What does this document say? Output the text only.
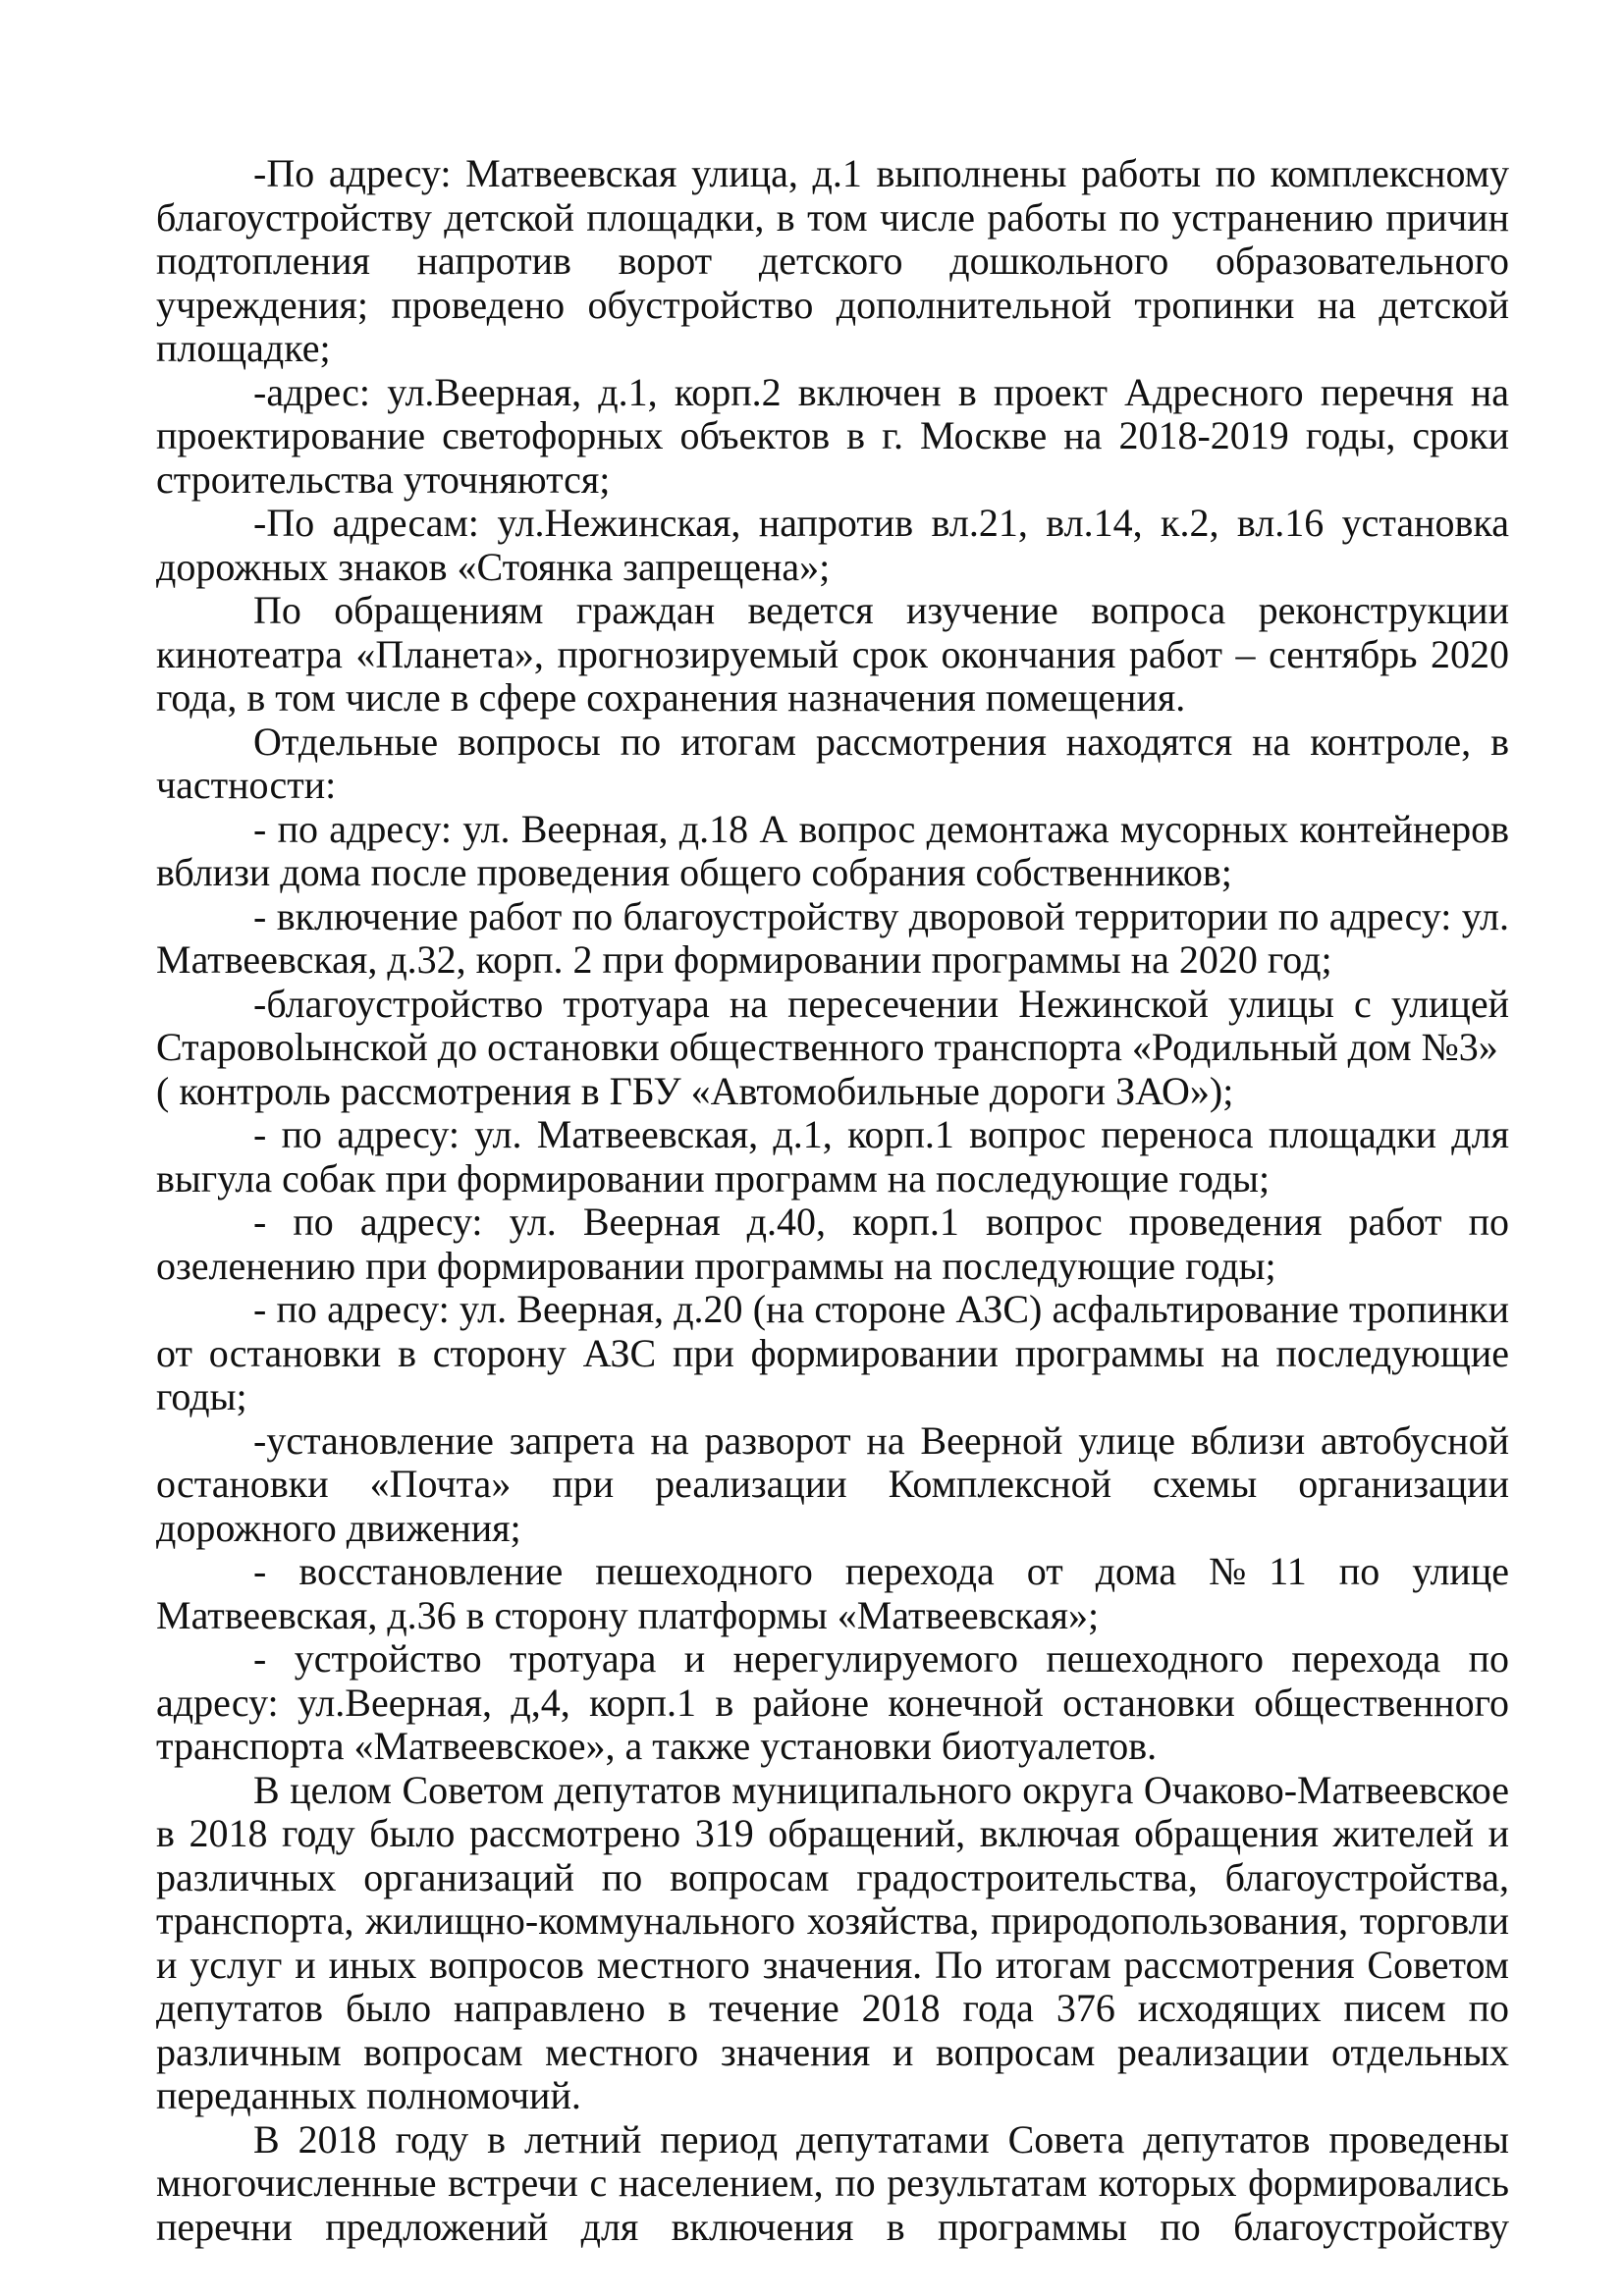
-По адресу: Матвеевская улица, д.1 выполнены работы по комплексному благоустройству детской площадки, в том числе работы по устранению причин подтопления напротив ворот детского дошкольного образовательного учреждения; проведено обустройство дополнительной тропинки на детской площадке;

-адрес: ул.Веерная, д.1, корп.2 включен в проект Адресного перечня на проектирование светофорных объектов в г. Москве на 2018-2019 годы, сроки строительства уточняются;

-По адресам: ул.Нежинская, напротив вл.21, вл.14, к.2, вл.16 установка дорожных знаков «Стоянка запрещена»;

По обращениям граждан ведется изучение вопроса реконструкции кинотеатра «Планета», прогнозируемый срок окончания работ – сентябрь 2020 года, в том числе в сфере сохранения назначения помещения.

Отдельные вопросы по итогам рассмотрения находятся на контроле, в частности:

- по адресу: ул. Веерная, д.18 А вопрос демонтажа мусорных контейнеров вблизи дома после проведения общего собрания собственников;

- включение работ по благоустройству дворовой территории по адресу: ул. Матвеевская, д.32, корп. 2 при формировании программы на 2020 год;

-благоустройство тротуара на пересечении Нежинской улицы с улицей Старовolынской до остановки общественного транспорта «Родильный дом №3»
( контроль рассмотрения в ГБУ «Автомобильные дороги ЗАО»);

- по адресу: ул. Матвеевская, д.1, корп.1 вопрос переноса площадки для выгула собак при формировании программ на последующие годы;

- по адресу: ул. Веерная д.40, корп.1 вопрос проведения работ по озеленению при формировании программы на последующие годы;

- по адресу: ул. Веерная, д.20 (на стороне АЗС) асфальтирование тропинки от остановки в сторону АЗС при формировании программы на последующие годы;

-установление запрета на разворот на Веерной улице вблизи автобусной остановки «Почта» при реализации Комплексной схемы организации дорожного движения;

- восстановление пешеходного перехода от дома №11 по улице Матвеевская, д.36 в сторону платформы «Матвеевская»;

- устройство тротуара и нерегулируемого пешеходного перехода по адресу: ул.Веерная, д,4, корп.1 в районе конечной остановки общественного транспорта «Матвеевское», а также установки биотуалетов.

В целом Советом депутатов муниципального округа Очаково-Матвеевское в 2018 году было рассмотрено 319 обращений, включая обращения жителей и различных организаций по вопросам градостроительства, благоустройства, транспорта, жилищно-коммунального хозяйства, природопользования, торговли и услуг и иных вопросов местного значения. По итогам рассмотрения Советом депутатов было направлено в течение 2018 года 376 исходящих писем по различным вопросам местного значения и вопросам реализации отдельных переданных полномочий.

В 2018 году в летний период депутатами Совета депутатов проведены многочисленные встречи с населением, по результатам которых формировались перечни предложений для включения в программы по благоустройству
